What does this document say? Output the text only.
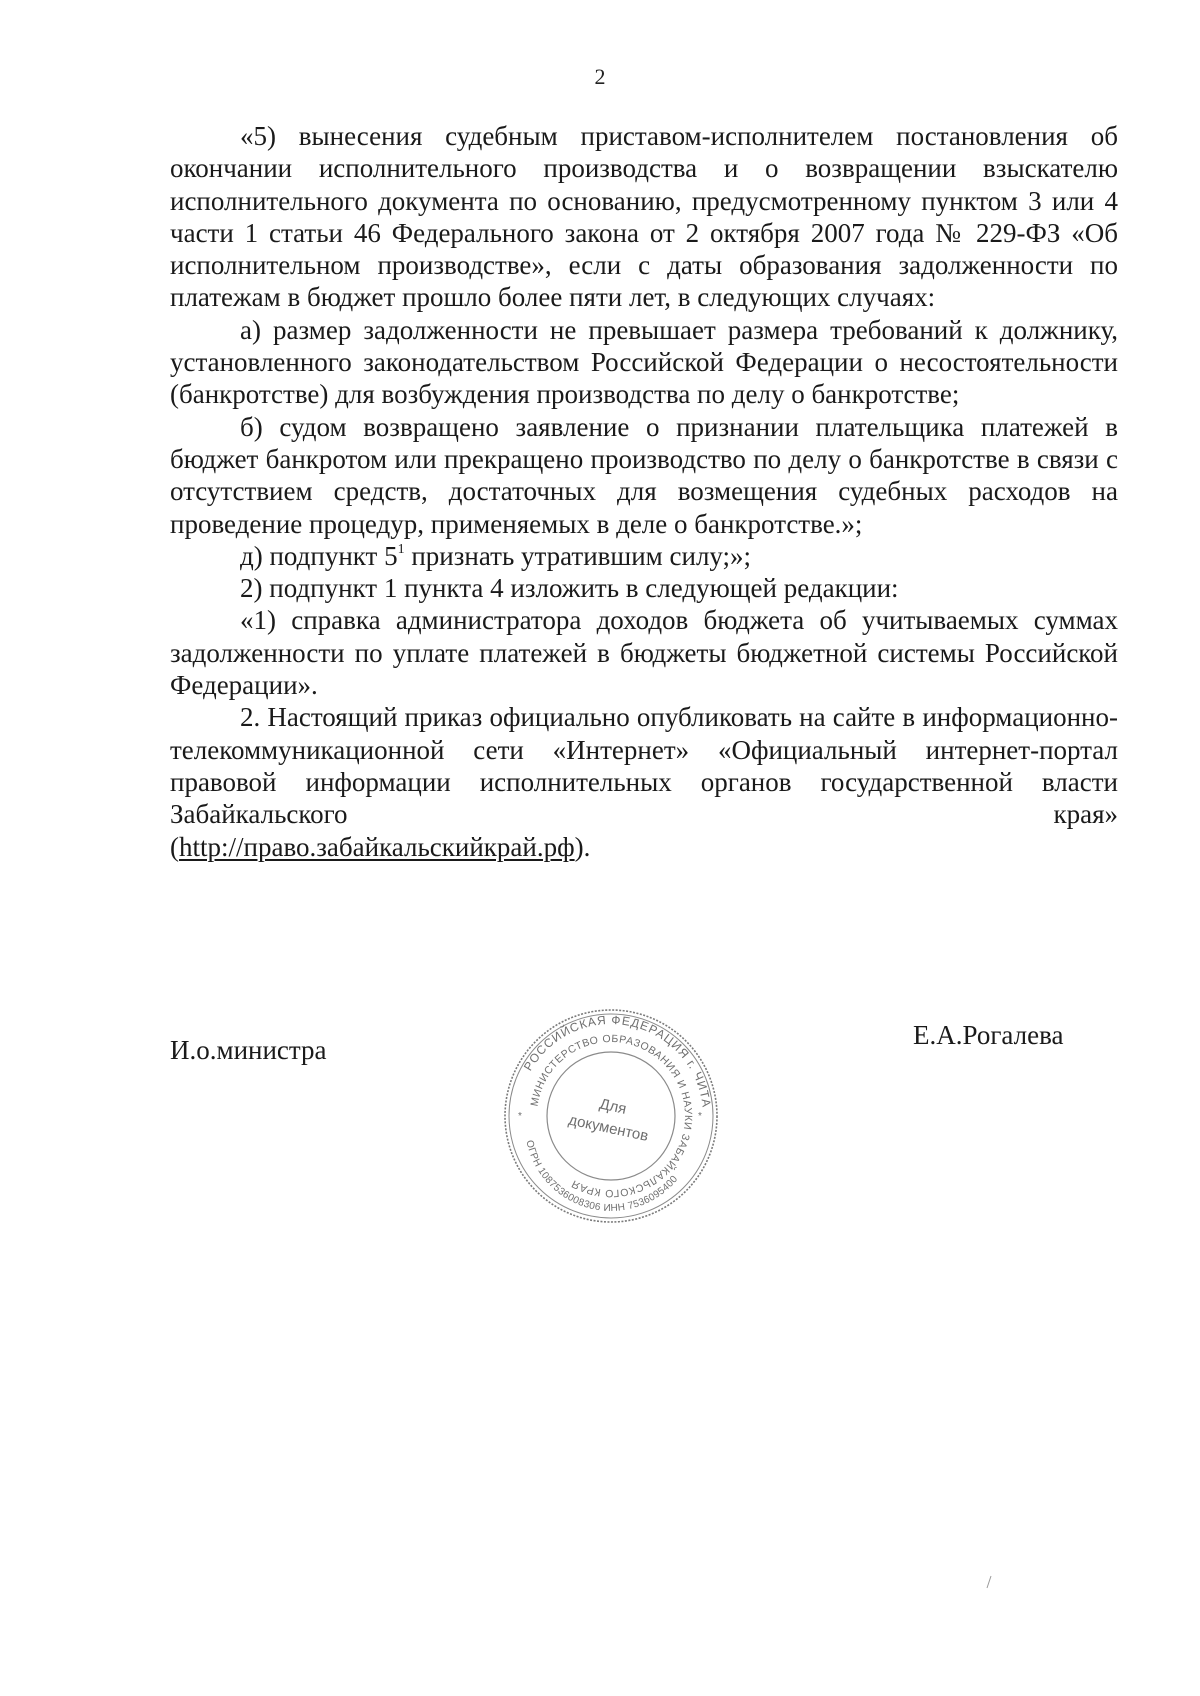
2

«5) вынесения судебным приставом-исполнителем постановления об окончании исполнительного производства и о возвращении взыскателю исполнительного документа по основанию, предусмотренному пунктом 3 или 4 части 1 статьи 46 Федерального закона от 2 октября 2007 года № 229-ФЗ «Об исполнительном производстве», если с даты образования задолженности по платежам в бюджет прошло более пяти лет, в следующих случаях:

а) размер задолженности не превышает размера требований к должнику, установленного законодательством Российской Федерации о несостоятельности (банкротстве) для возбуждения производства по делу о банкротстве;

б) судом возвращено заявление о признании плательщика платежей в бюджет банкротом или прекращено производство по делу о банкротстве в связи с отсутствием средств, достаточных для возмещения судебных расходов на проведение процедур, применяемых в деле о банкротстве.»;

д) подпункт $5^1$ признать утратившим силу;»;

2) подпункт 1 пункта 4 изложить в следующей редакции:

«1) справка администратора доходов бюджета об учитываемых суммах задолженности по уплате платежей в бюджеты бюджетной системы Российской Федерации».

2. Настоящий приказ официально опубликовать на сайте в информационно-телекоммуникационной сети «Интернет» «Официальный интернет-портал правовой информации исполнительных органов государственной власти Забайкальского края»

(http://право.забайкальскийкрай.рф).

И.о.министра	Е.А.Рогалева
РОССИЙСКАЯ ФЕДЕРАЦИЯ г. ЧИТА
МИНИСТЕРСТВО ОБРАЗОВАНИЯ И НАУКИ ЗАБАЙКАЛЬСКОГО КРАЯ
ОГРН 1087536008306 ИНН 7536095400
Для
документов
*	*
